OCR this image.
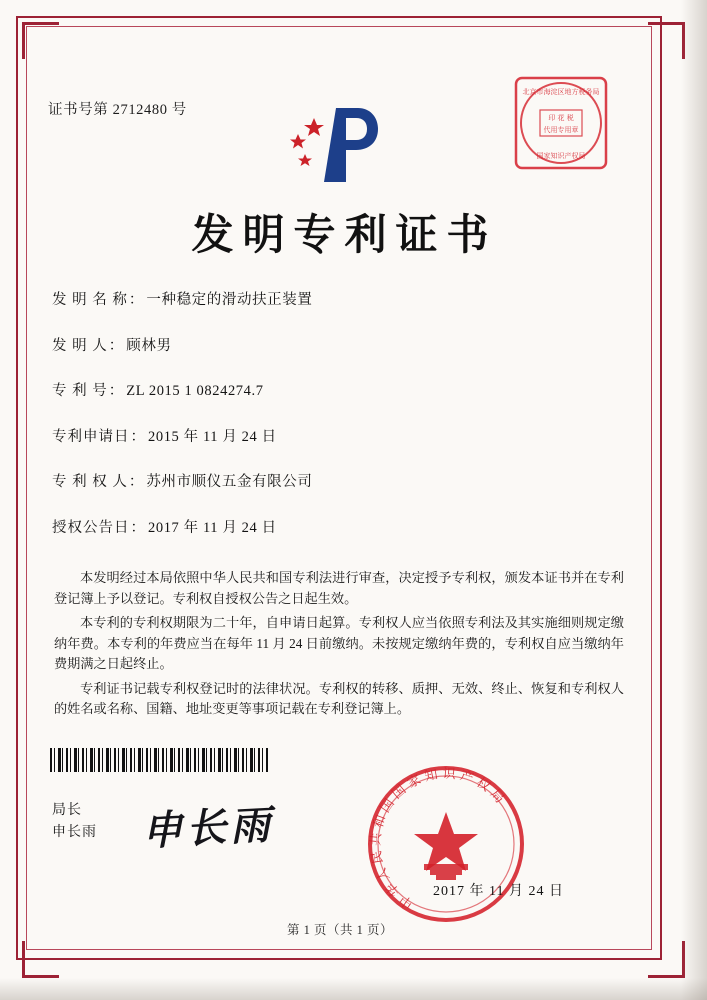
证书号第 2712480 号
北京市海淀区地方税务局
印 花 税
代用专用章
国家知识产权局
发明专利证书
发 明 名 称 ： 一种稳定的滑动扶正装置
发 明 人 ： 顾林男
专 利 号 ： ZL 2015 1 0824274.7
专利申请日 ： 2015 年 11 月 24 日
专 利 权 人 ： 苏州市顺仪五金有限公司
授权公告日 ： 2017 年 11 月 24 日

本发明经过本局依照中华人民共和国专利法进行审查，决定授予专利权，颁发本证书并在专利登记簿上予以登记。专利权自授权公告之日起生效。

本专利的专利权期限为二十年，自申请日起算。专利权人应当依照专利法及其实施细则规定缴纳年费。本专利的年费应当在每年 11 月 24 日前缴纳。未按规定缴纳年费的，专利权自应当缴纳年费期满之日起终止。

专利证书记载专利权登记时的法律状况。专利权的转移、质押、无效、终止、恢复和专利权人的姓名或名称、国籍、地址变更等事项记载在专利登记簿上。

局长
申长雨 申长雨
中华人民共和国国家知识产权局
2017 年 11 月 24 日
第 1 页（共 1 页）
